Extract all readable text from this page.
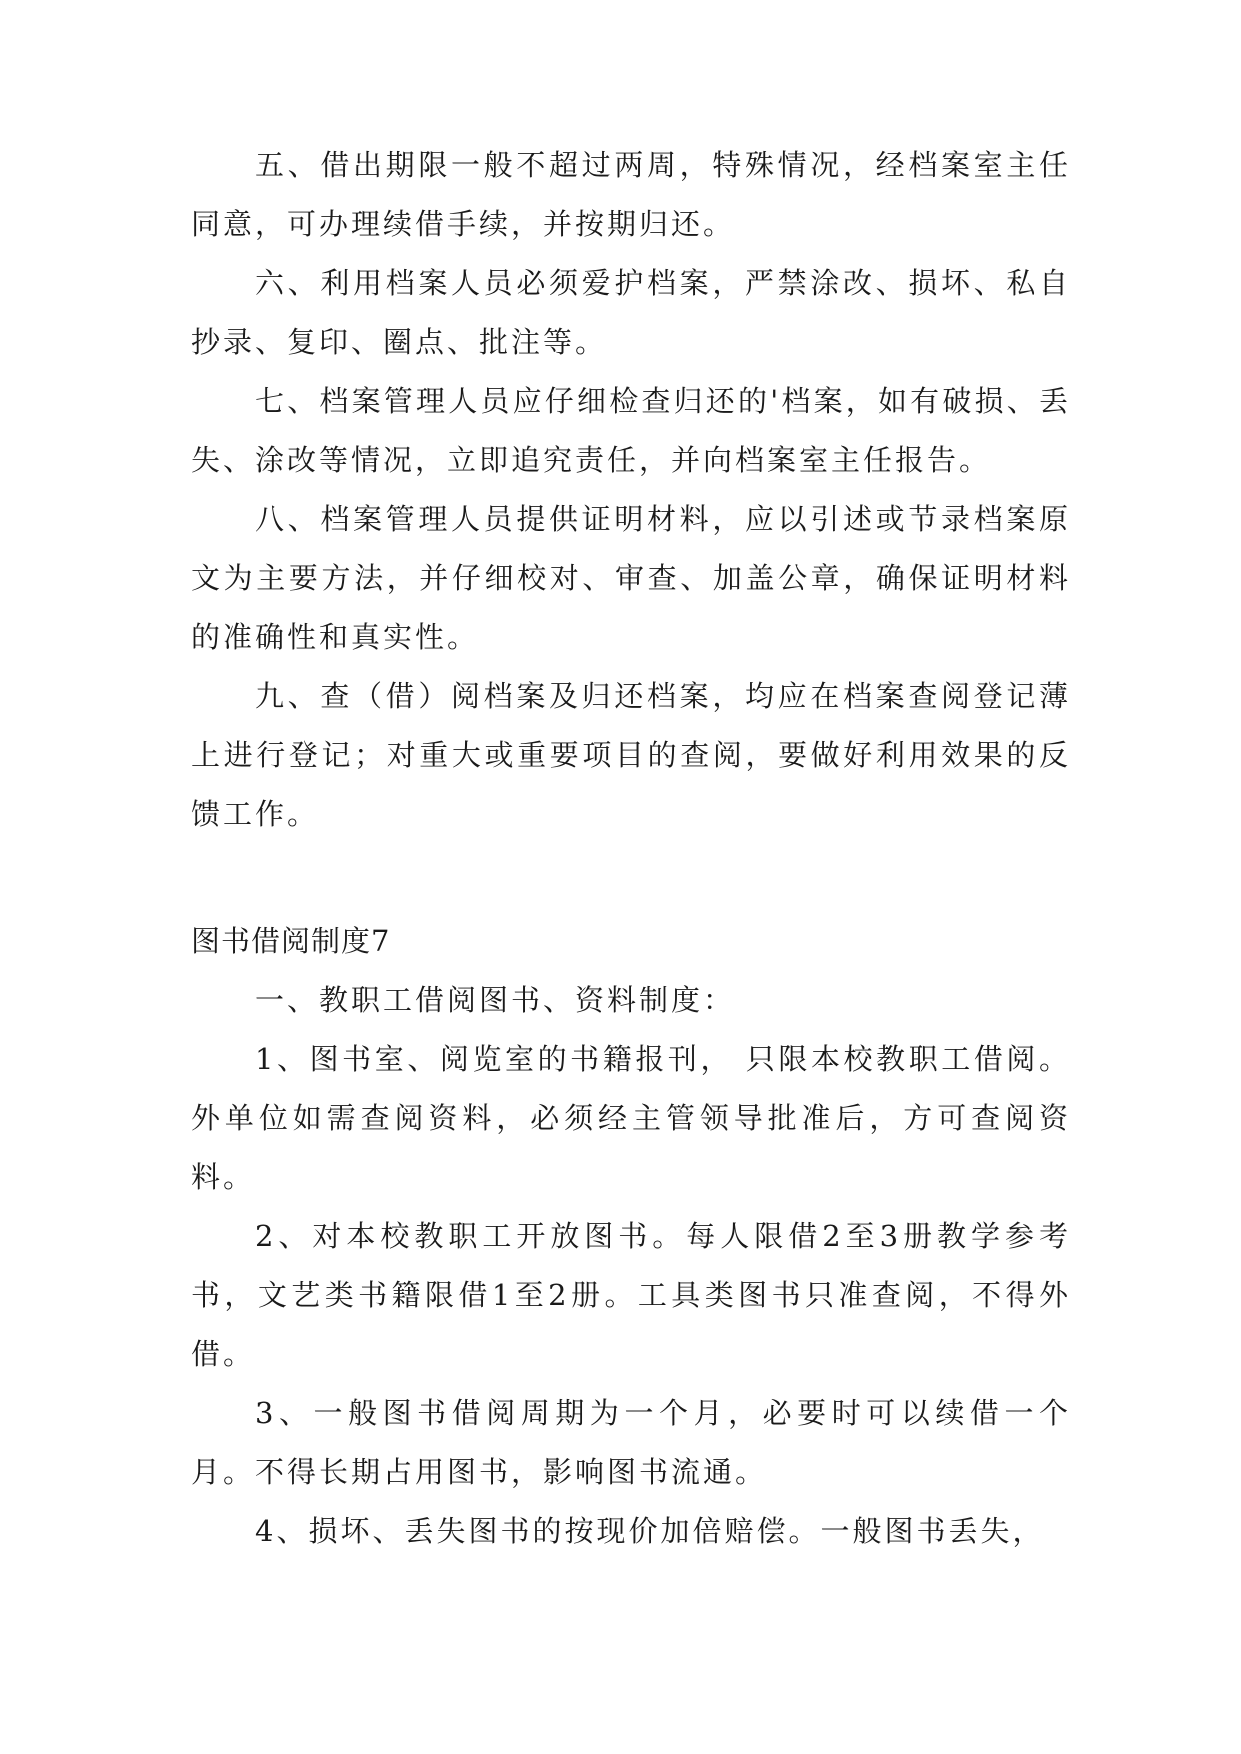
五、借出期限一般不超过两周，特殊情况，经档案室主任同意，可办理续借手续，并按期归还。
六、利用档案人员必须爱护档案，严禁涂改、损坏、私自抄录、复印、圈点、批注等。
七、档案管理人员应仔细检查归还的'档案，如有破损、丢失、涂改等情况，立即追究责任，并向档案室主任报告。
八、档案管理人员提供证明材料，应以引述或节录档案原文为主要方法，并仔细校对、审查、加盖公章，确保证明材料的准确性和真实性。
九、查（借）阅档案及归还档案，均应在档案查阅登记薄上进行登记；对重大或重要项目的查阅，要做好利用效果的反馈工作。
图书借阅制度7
一、教职工借阅图书、资料制度：
1、图书室、阅览室的书籍报刊， 只限本校教职工借阅。外单位如需查阅资料，必须经主管领导批准后，方可查阅资料。
2、对本校教职工开放图书。每人限借2至3册教学参考书，文艺类书籍限借1至2册。工具类图书只准查阅，不得外借。
3、一般图书借阅周期为一个月，必要时可以续借一个月。不得长期占用图书，影响图书流通。
4、损坏、丢失图书的按现价加倍赔偿。一般图书丢失，
